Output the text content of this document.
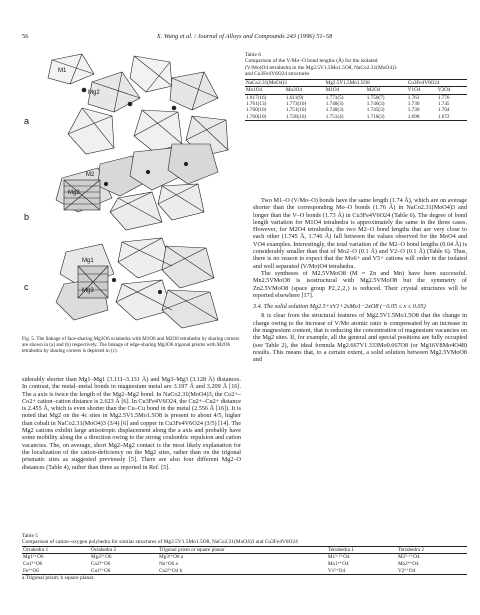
56	X. Wang et al. / Journal of Alloys and Compounds 243 (1996) 51–58
a
b
c
M1
Mg2
M2
Mg2
Mg1
Mg3
Fig. 5. The linkage of face-sharing Mg2O6 octahedra with M1O6 and M2O6 tetrahedra by sharing corners are shown in (a) and (b) respectively. The linkage of edge-sharing Mg3O6 trigonal prisms with M2O6 tetrahedra by sharing corners is depicted in (c).
Table 6
Comparison of the V/Mo–O bond lengths (Å) for the isolated
(V/Mo)O4 tetrahedra in the Mg2.5V1.5Mo1.5O8, NaCo2.31(MoO4)3
and Cu3Fe4V6O24 structures
NaCo2.31(MoO4)3		Mg2.5V1.5Mo1.5O8		Cu3Fe4V6O24	
Mo1O4	Mo2O4	M1O4	M2O4	V1O4	V2O4
1.817(16)	1.611(9)	1.771(5)	1.750(7)	1.763	1.776
1.761(13)	1.773(10)	1.740(3)	1.746(3)	1.730	1.745
1.760(10)	1.751(10)	1.740(3)	1.745(3)	1.730	1.704
1.760(10)	1.726(10)	1.751(4)	1.718(3)	1.698	1.672

Two M1–O (V/Mo–O) bonds have the same length (1.74 Å), which are on average shorter than the corresponding Mo–O bonds (1.76 Å) in NaCo2.31(MoO4)3 and longer than the V–O bonds (1.73 Å) in Cu3Fe4V6O24 (Table 6). The degree of bond length variation for M1O4 tetrahedra is approximately the same in the three cases. However, for M2O4 tetrahedra, the two M2–O bond lengths that are very close to each other (1.745 Å, 1.746 Å) fall between the values observed for the MoO4 and VO4 examples. Interestingly, the total variation of the M2–O bond lengths (0.04 Å) is considerably smaller than that of Mo2–O (0.1 Å) and V2–O (0.1 Å) (Table 6). Thus, there is no reason to expect that the Mo6+ and V5+ cations will order in the isolated and well separated (V/Mo)O4 tetrahedra.

The syntheses of M2.5VMoO8 (M = Zn and Mn) have been successful. Mn2.5VMoO8 is isostructural with Mg2.5VMoO8 but the symmetry of Zn2.5VMoO8 (space group P2₁2₁2₁) is reduced. Their crystal structures will be reported elsewhere [17].

3.4. The solid solution Mg2.5+xV1+2xMo1−2xO8 (−0.05 ≤ x ≤ 0.05)

It is clear from the structural features of Mg2.5V1.5Mo1.5O8 that the change in charge owing to the increase of V/Mo atomic ratio is compensated by an increase in the magnesium content, that is reducing the concentration of magnesium vacancies on the Mg2 sites. If, for example, all the general and special positions are fully occupied (see Table 2), the ideal formula Mg2.667V1.333Mo0.667O8 (or Mg16V8Mo4O48) results. This means that, to a certain extent, a solid solution between Mg2.5VMoO8 and

siderably shorter than Mg1–Mg1 (3.111–3.131 Å) and Mg3–Mg3 (3.128 Å) distances. In contrast, the metal–metal bonds in magnesium metal are 3.197 Å and 3.209 Å [16]. The a axis is twice the length of the Mg2–Mg2 bond. In NaCo2.31(MoO4)3, the Co2+–Co2+ cation–cation distance is 2.623 Å [6]. In Cu3Fe4V6O24, the Cu2+–Cu2+ distance is 2.455 Å, which is even shorter than the Cu–Cu bond in the metal (2.556 Å [16]). It is noted that Mg2 on the 4c sites in Mg2.5V1.5Mo1.5O8 is present to about 4/5, higher than cobalt in NaCo2.31(MoO4)3 (3/4) [6] and copper in Cu3Fe4V6O24 (3/5) [14]. The Mg2 cations exhibit large anisotropic displacement along the a axis and probably have some mobility along the a direction owing to the strong coulombic repulsion and cation vacancies. The, on average, short Mg2–Mg2 contact is the most likely explanation for the localization of the cation-deficiency on the Mg2 sites, rather than on the trigonal prismatic sites as suggested previously [5]. There are also four different Mg2–O distances (Table 4), rather than three as reported in Ref. [5].

Table 5
Comparison of cation–oxygen polyhedra for similar structures of Mg2.5V1.5Mo1.5O8, NaCo2.31(MoO4)3 and Cu3Fe4V6O24
Octahedra 1	Octahedra 2	Trigonal prism or square planar	Tetrahedra 1	Tetrahedra 2
Mg1²⁺O6	Mg2²⁺O6	Mg3²⁺O6 a	M1⁵·⁵⁺O4	M2⁵·⁵⁺O4
Co1²⁺O6	Co2²⁺O6	Na⁺O6 a	Mo1⁶⁺O4	Mo2⁶⁺O4
Fe³⁺O6	Cu1²⁺O6	Cu2²⁺O4 b	V1⁵⁺O4	V2⁵⁺O4
a Trigonal prism; b square planar.
